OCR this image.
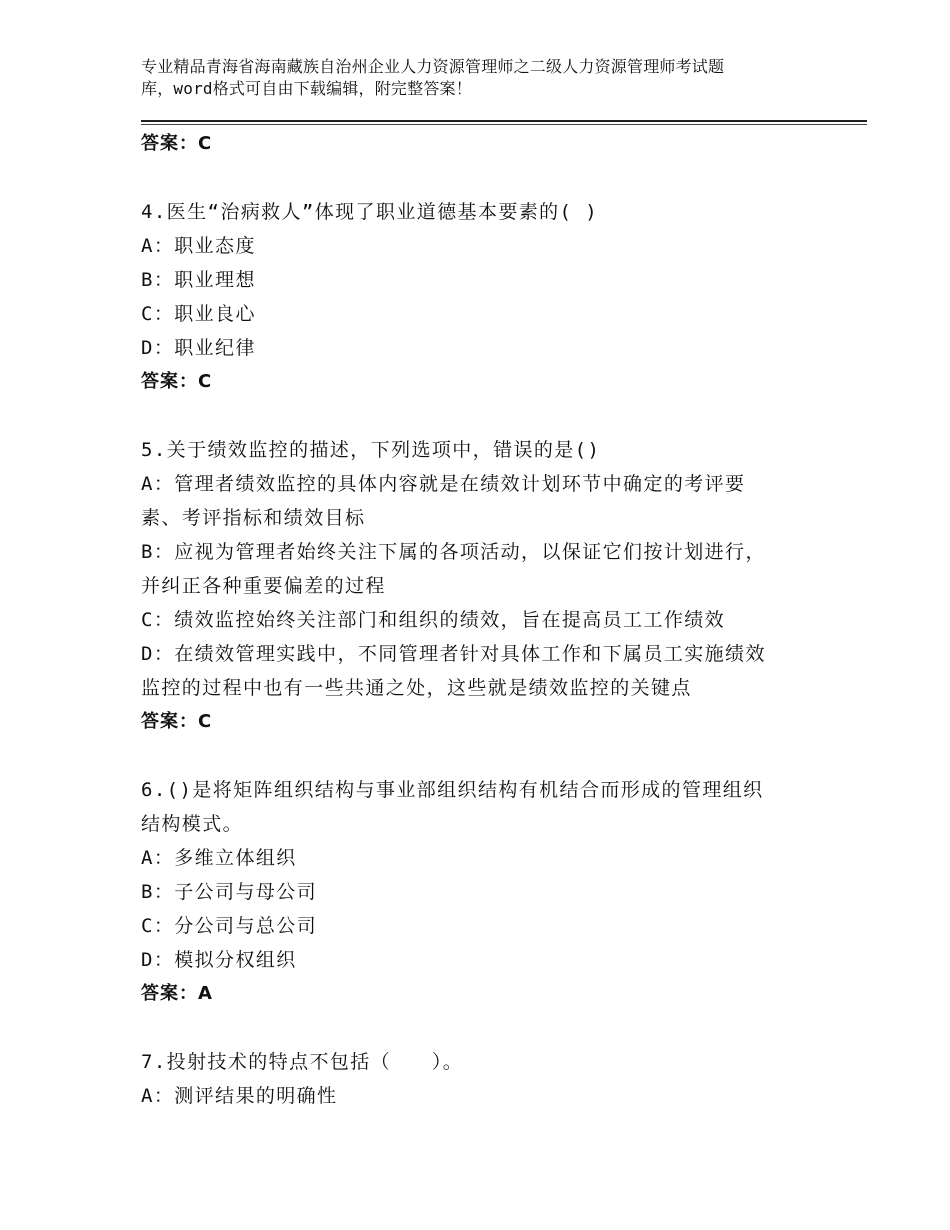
专业精品青海省海南藏族自治州企业人力资源管理师之二级人力资源管理师考试题
库，word格式可自由下载编辑，附完整答案！
答案：C
4.医生“治病救人”体现了职业道德基本要素的( )
A：职业态度
B：职业理想
C：职业良心
D：职业纪律
答案：C
5.关于绩效监控的描述，下列选项中，错误的是()
A：管理者绩效监控的具体内容就是在绩效计划环节中确定的考评要
素、考评指标和绩效目标
B：应视为管理者始终关注下属的各项活动，以保证它们按计划进行，
并纠正各种重要偏差的过程
C：绩效监控始终关注部门和组织的绩效，旨在提高员工工作绩效
D：在绩效管理实践中，不同管理者针对具体工作和下属员工实施绩效
监控的过程中也有一些共通之处，这些就是绩效监控的关键点
答案：C
6.()是将矩阵组织结构与事业部组织结构有机结合而形成的管理组织
结构模式。
A：多维立体组织
B：子公司与母公司
C：分公司与总公司
D：模拟分权组织
答案：A
7.投射技术的特点不包括（　　）。
A：测评结果的明确性
